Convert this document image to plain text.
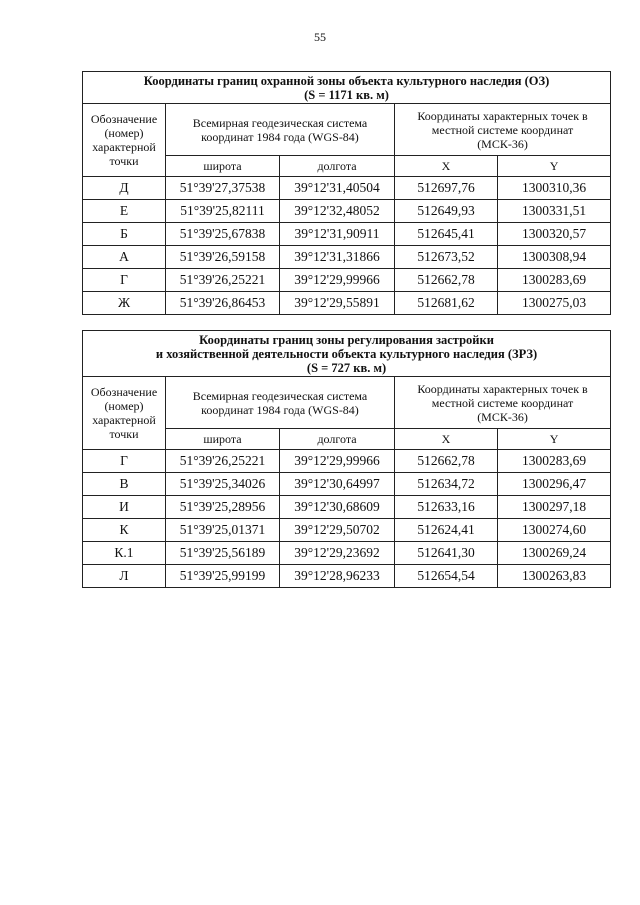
55
Координаты границ охранной зоны объекта культурного наследия (ОЗ)
(S = 1171 кв. м)				

Обозначение
(номер)
характерной
точки	Всемирная геодезическая система
координат 1984 года (WGS-84)		Координаты характерных точек в
местной системе координат
(МСК-36)	

	широта	долгота	X	Y
Д	51°39'27,37538	39°12'31,40504	512697,76	1300310,36
Е	51°39'25,82111	39°12'32,48052	512649,93	1300331,51
Б	51°39'25,67838	39°12'31,90911	512645,41	1300320,57
А	51°39'26,59158	39°12'31,31866	512673,52	1300308,94
Г	51°39'26,25221	39°12'29,99966	512662,78	1300283,69
Ж	51°39'26,86453	39°12'29,55891	512681,62	1300275,03
Координаты границ зоны регулирования застройки
и хозяйственной деятельности объекта культурного наследия (ЗРЗ)
(S = 727 кв. м)				

Обозначение
(номер)
характерной
точки	Всемирная геодезическая система
координат 1984 года (WGS-84)		Координаты характерных точек в
местной системе координат
(МСК-36)	

	широта	долгота	X	Y
Г	51°39'26,25221	39°12'29,99966	512662,78	1300283,69
В	51°39'25,34026	39°12'30,64997	512634,72	1300296,47
И	51°39'25,28956	39°12'30,68609	512633,16	1300297,18
К	51°39'25,01371	39°12'29,50702	512624,41	1300274,60
К.1	51°39'25,56189	39°12'29,23692	512641,30	1300269,24
Л	51°39'25,99199	39°12'28,96233	512654,54	1300263,83
